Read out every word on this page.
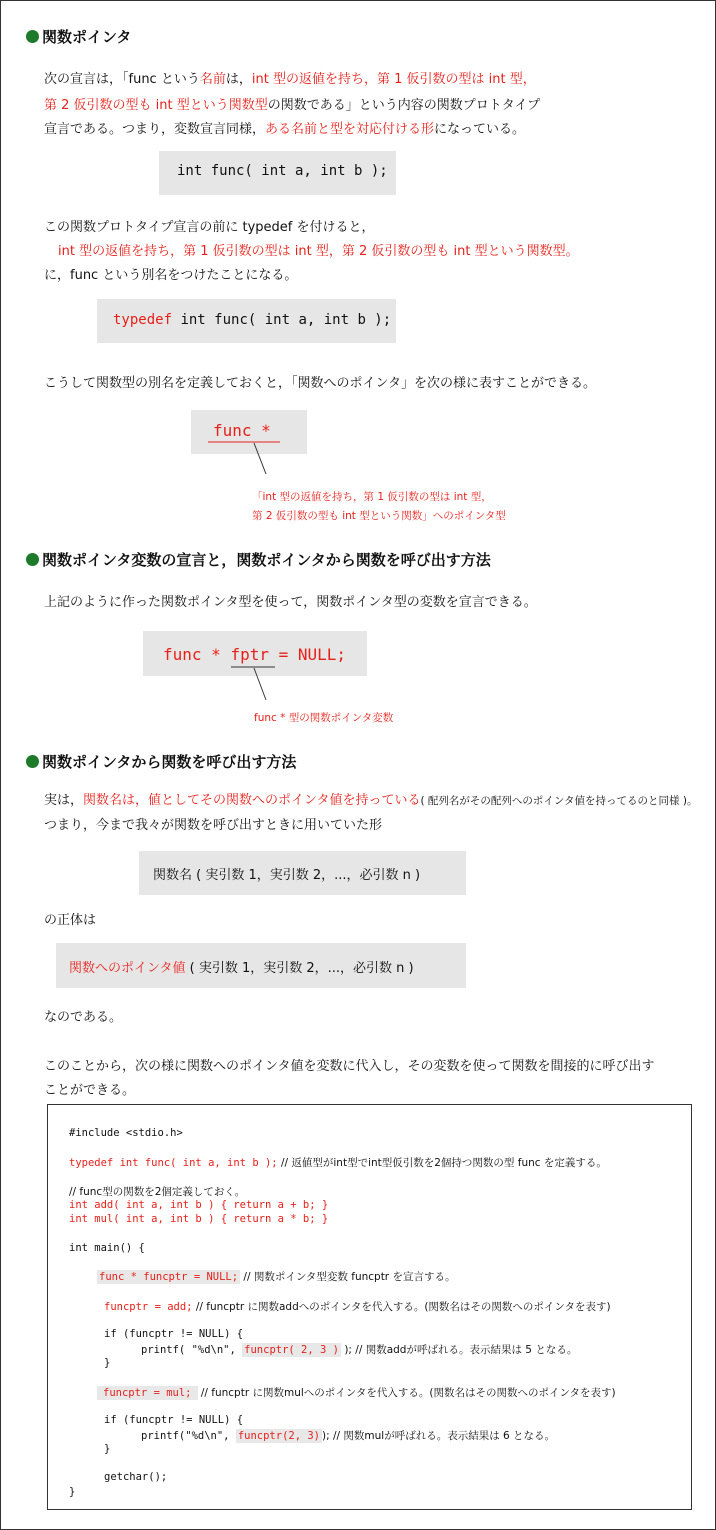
関数ポインタ
次の宣言は，「func という名前は，int 型の返値を持ち，第 1 仮引数の型は int 型，
第 2 仮引数の型も int 型という関数型の関数である」という内容の関数プロトタイプ
宣言である。つまり，変数宣言同様，ある名前と型を対応付ける形になっている。
int func( int a, int b );
この関数プロトタイプ宣言の前に typedef を付けると，
int 型の返値を持ち，第 1 仮引数の型は int 型，第 2 仮引数の型も int 型という関数型。
に，func という別名をつけたことになる。
typedef int func( int a, int b );
こうして関数型の別名を定義しておくと，「関数へのポインタ」を次の様に表すことができる。
func *
「int 型の返値を持ち，第 1 仮引数の型は int 型，
第 2 仮引数の型も int 型という関数」へのポインタ型
関数ポインタ変数の宣言と，関数ポインタから関数を呼び出す方法
上記のように作った関数ポインタ型を使って，関数ポインタ型の変数を宣言できる。
func * fptr = NULL;
func * 型の関数ポインタ変数
関数ポインタから関数を呼び出す方法
実は，関数名は，値としてその関数へのポインタ値を持っている( 配列名がその配列へのポインタ値を持ってるのと同様 )。
つまり，今まで我々が関数を呼び出すときに用いていた形
関数名 ( 実引数 1，実引数 2，...，必引数 n )
の正体は
関数へのポインタ値 ( 実引数 1，実引数 2，...，必引数 n )
なのである。
このことから，次の様に関数へのポインタ値を変数に代入し，その変数を使って関数を間接的に呼び出す
ことができる。
#include <stdio.h>
typedef int func( int a, int b ); // 返値型がint型でint型仮引数を2個持つ関数の型 func を定義する。
// func型の関数を2個定義しておく。
int add( int a, int b ) { return a + b; }
int mul( int a, int b ) { return a * b; }
int main() {
func * funcptr = NULL; // 関数ポインタ型変数 funcptr を宣言する。
funcptr = add; // funcptr に関数addへのポインタを代入する。(関数名はその関数へのポインタを表す)
if (funcptr != NULL) {
printf( "%d\n", funcptr( 2, 3 ) ); // 関数addが呼ばれる。表示結果は 5 となる。
}
funcptr = mul; // funcptr に関数mulへのポインタを代入する。(関数名はその関数へのポインタを表す)
if (funcptr != NULL) {
printf("%d\n", funcptr(2, 3) ); // 関数mulが呼ばれる。表示結果は 6 となる。
}
getchar();
}
